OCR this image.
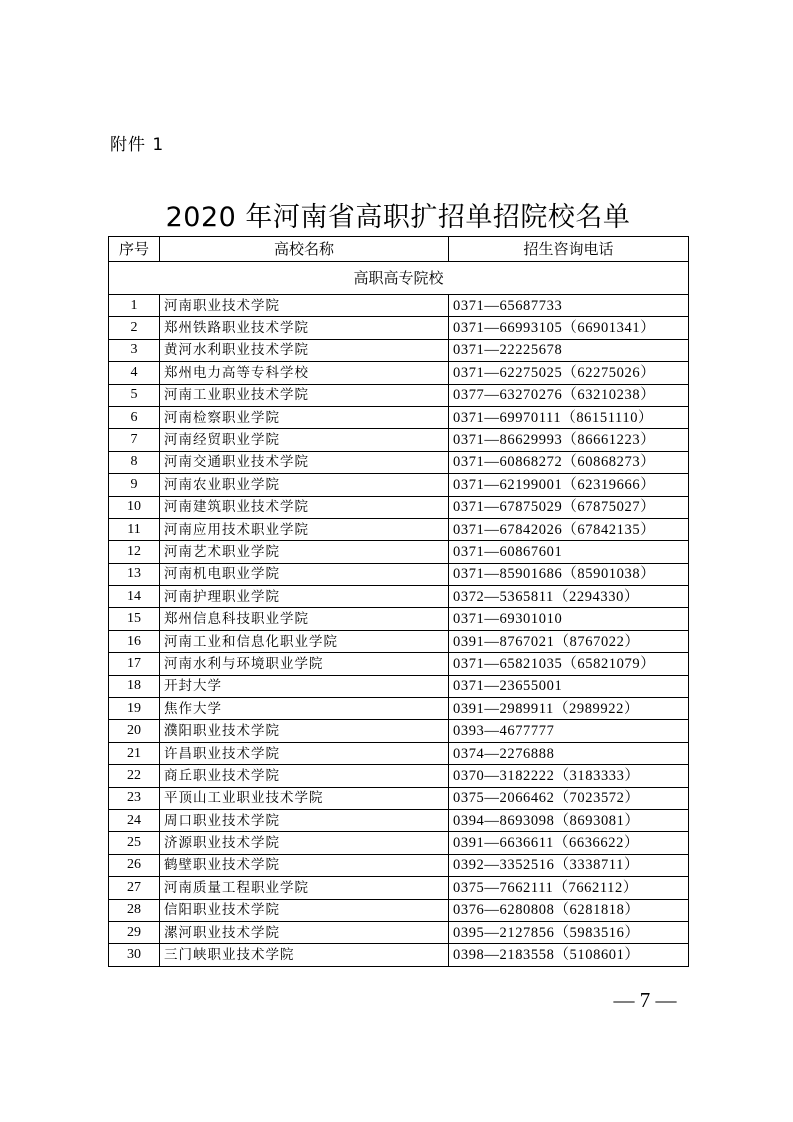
附件 1
2020 年河南省高职扩招单招院校名单
序号	高校名称	招生咨询电话
高职高专院校		
1	河南职业技术学院	0371—65687733
2	郑州铁路职业技术学院	0371—66993105（66901341）
3	黄河水利职业技术学院	0371—22225678
4	郑州电力高等专科学校	0371—62275025（62275026）
5	河南工业职业技术学院	0377—63270276（63210238）
6	河南检察职业学院	0371—69970111（86151110）
7	河南经贸职业学院	0371—86629993（86661223）
8	河南交通职业技术学院	0371—60868272（60868273）
9	河南农业职业学院	0371—62199001（62319666）
10	河南建筑职业技术学院	0371—67875029（67875027）
11	河南应用技术职业学院	0371—67842026（67842135）
12	河南艺术职业学院	0371—60867601
13	河南机电职业学院	0371—85901686（85901038）
14	河南护理职业学院	0372—5365811（2294330）
15	郑州信息科技职业学院	0371—69301010
16	河南工业和信息化职业学院	0391—8767021（8767022）
17	河南水利与环境职业学院	0371—65821035（65821079）
18	开封大学	0371—23655001
19	焦作大学	0391—2989911（2989922）
20	濮阳职业技术学院	0393—4677777
21	许昌职业技术学院	0374—2276888
22	商丘职业技术学院	0370—3182222（3183333）
23	平顶山工业职业技术学院	0375—2066462（7023572）
24	周口职业技术学院	0394—8693098（8693081）
25	济源职业技术学院	0391—6636611（6636622）
26	鹤壁职业技术学院	0392—3352516（3338711）
27	河南质量工程职业学院	0375—7662111（7662112）
28	信阳职业技术学院	0376—6280808（6281818）
29	漯河职业技术学院	0395—2127856（5983516）
30	三门峡职业技术学院	0398—2183558（5108601）
— 7 —
